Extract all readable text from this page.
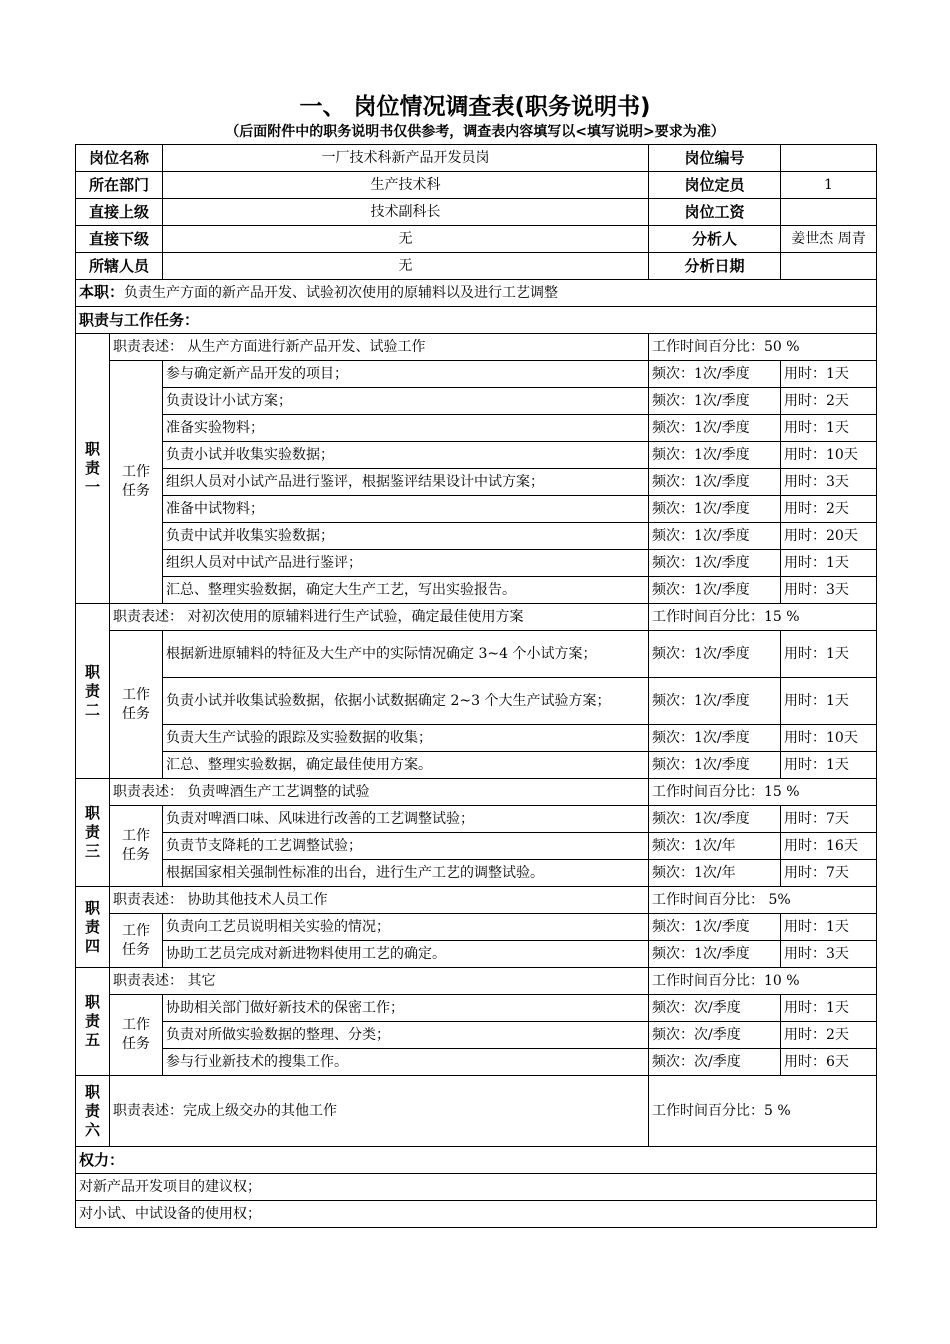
一、 岗位情况调查表(职务说明书)
（后面附件中的职务说明书仅供参考，调查表内容填写以<填写说明>要求为准）
岗位名称		一厂技术科新产品开发员岗	岗位编号	
所在部门		生产技术科	岗位定员	1
直接上级		技术副科长	岗位工资	
直接下级		无	分析人	姜世杰 周青
所辖人员		无	分析日期	
本职：负责生产方面的新产品开发、试验初次使用的原辅料以及进行工艺调整				
职责与工作任务：				

职责一	职责表述： 从生产方面进行新产品开发、试验工作		工作时间百分比：50 %	

	工作任务	参与确定新产品开发的项目；	频次：1次/季度	用时：1天
		负责设计小试方案；	频次：1次/季度	用时：2天
		准备实验物料；	频次：1次/季度	用时：1天
		负责小试并收集实验数据；	频次：1次/季度	用时：10天
		组织人员对小试产品进行鉴评，根据鉴评结果设计中试方案；	频次：1次/季度	用时：3天
		准备中试物料；	频次：1次/季度	用时：2天
		负责中试并收集实验数据；	频次：1次/季度	用时：20天
		组织人员对中试产品进行鉴评；	频次：1次/季度	用时：1天
		汇总、整理实验数据，确定大生产工艺，写出实验报告。	频次：1次/季度	用时：3天

职责二	职责表述： 对初次使用的原辅料进行生产试验，确定最佳使用方案		工作时间百分比：15 %	

	工作任务	根据新进原辅料的特征及大生产中的实际情况确定 3~4 个小试方案；	频次：1次/季度	用时：1天
		负责小试并收集试验数据，依据小试数据确定 2~3 个大生产试验方案；	频次：1次/季度	用时：1天
		负责大生产试验的跟踪及实验数据的收集；	频次：1次/季度	用时：10天
		汇总、整理实验数据，确定最佳使用方案。	频次：1次/季度	用时：1天

职责三	职责表述： 负责啤酒生产工艺调整的试验		工作时间百分比：15 %	

	工作任务	负责对啤酒口味、风味进行改善的工艺调整试验；	频次：1次/季度	用时：7天
		负责节支降耗的工艺调整试验；	频次：1次/年	用时：16天
		根据国家相关强制性标准的出台，进行生产工艺的调整试验。	频次：1次/年	用时：7天

职责四	职责表述： 协助其他技术人员工作		工作时间百分比： 5%	

	工作任务	负责向工艺员说明相关实验的情况；	频次：1次/季度	用时：1天
		协助工艺员完成对新进物料使用工艺的确定。	频次：1次/季度	用时：3天

职责五	职责表述： 其它		工作时间百分比：10 %	

	工作任务	协助相关部门做好新技术的保密工作；	频次：次/季度	用时：1天
		负责对所做实验数据的整理、分类；	频次：次/季度	用时：2天
		参与行业新技术的搜集工作。	频次：次/季度	用时：6天

职责六	职责表述：完成上级交办的其他工作		工作时间百分比：5 %	
权力：				
对新产品开发项目的建议权；				
对小试、中试设备的使用权；				
